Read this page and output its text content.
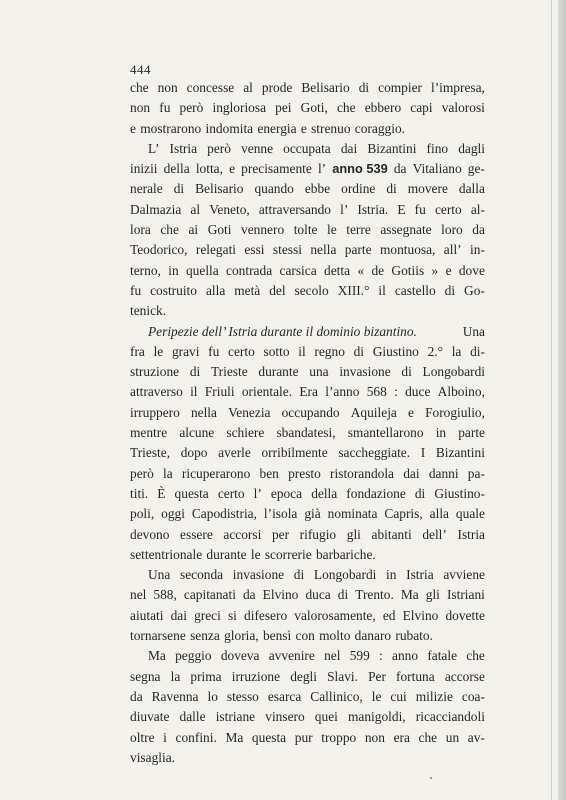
444
che non concesse al prode Belisario di compier l’impresa,
non fu però ingloriosa pei Goti, che ebbero capi valorosi
e mostrarono indomita energia e strenuo coraggio.
L’ Istria però venne occupata dai Bizantini fino dagli
inizii della lotta, e precisamente l’ anno 539 da Vitaliano ge-
nerale di Belisario quando ebbe ordine di movere dalla
Dalmazia al Veneto, attraversando l’ Istria. E fu certo al-
lora che ai Goti vennero tolte le terre assegnate loro da
Teodorico, relegati essi stessi nella parte montuosa, all’ in-
terno, in quella contrada carsica detta « de Gotiis » e dove
fu costruito alla metà del secolo XIII.° il castello di Go-
tenick.
Peripezie dell’ Istria durante il dominio bizantino.	Una
fra le gravi fu certo sotto il regno di Giustino 2.° la di-
struzione di Trieste durante una invasione di Longobardi
attraverso il Friuli orientale. Era l’anno 568 : duce Alboino,
irruppero nella Venezia occupando Aquileja e Forogiulio,
mentre alcune schiere sbandatesi, smantellarono in parte
Trieste, dopo averle orribilmente saccheggiate. I Bizantini
però la ricuperarono ben presto ristorandola dai danni pa-
titi. È questa certo l’ epoca della fondazione di Giustino-
poli, oggi Capodistria, l’isola già nominata Capris, alla quale
devono essere accorsi per rifugio gli abitanti dell’ Istria
settentrionale durante le scorrerie barbariche.
Una seconda invasione di Longobardi in Istria avviene
nel 588, capitanati da Elvino duca di Trento. Ma gli Istriani
aiutati dai greci si difesero valorosamente, ed Elvino dovette
tornarsene senza gloria, bensì con molto danaro rubato.
Ma peggio doveva avvenire nel 599 : anno fatale che
segna la prima irruzione degli Slavi. Per fortuna accorse
da Ravenna lo stesso esarca Callinico, le cui milizie coa-
diuvate dalle istriane vinsero quei manigoldi, ricacciandoli
oltre i confini. Ma questa pur troppo non era che un av-
visaglia.
